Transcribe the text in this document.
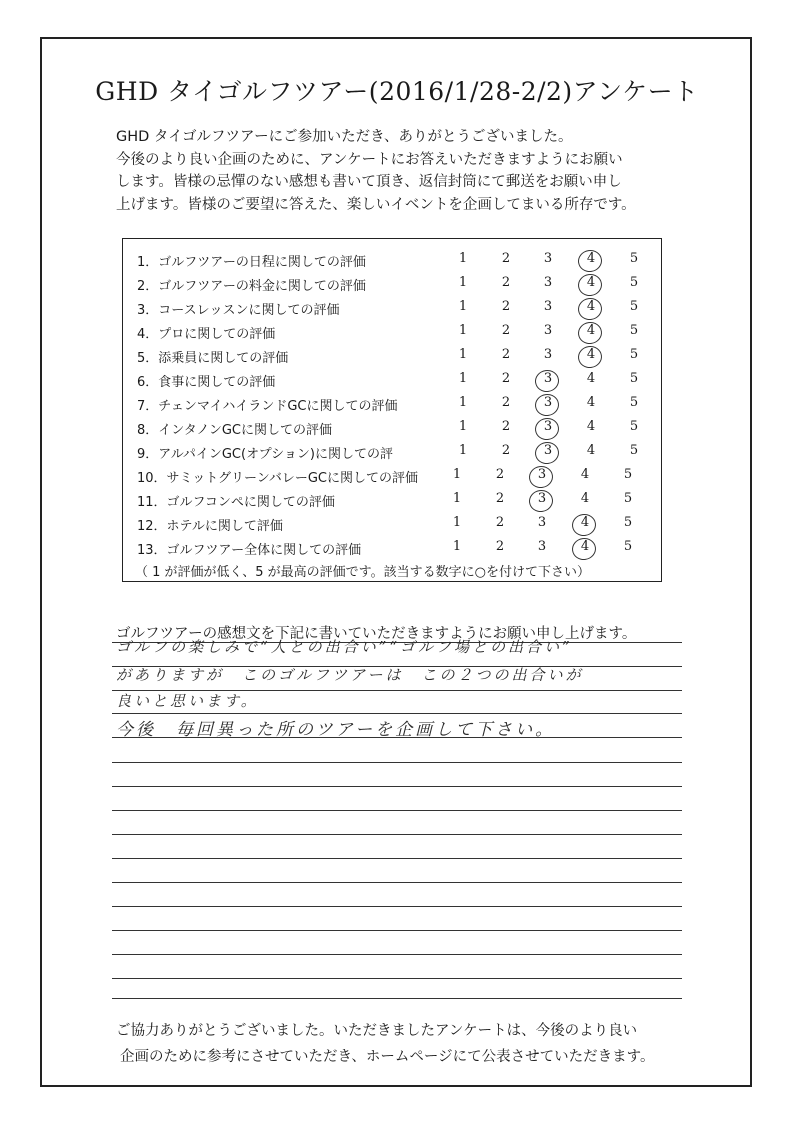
GHD タイゴルフツアー(2016/1/28-2/2)アンケート
GHD タイゴルフツアーにご参加いただき、ありがとうございました。
今後のより良い企画のために、アンケートにお答えいただきますようにお願い
します。皆様の忌憚のない感想も書いて頂き、返信封筒にて郵送をお願い申し
上げます。皆様のご要望に答えた、楽しいイベントを企画してまいる所存です。
（ 1 が評価が低く、5 が最高の評価です。該当する数字に○を付けて下さい）
1．ゴルフツアーの日程に関しての評価	1	2	3	4	5
2．ゴルフツアーの料金に関しての評価	1	2	3	4	5
3．コースレッスンに関しての評価	1	2	3	4	5
4．プロに関しての評価	1	2	3	4	5
5．添乗員に関しての評価	1	2	3	4	5
6．食事に関しての評価	1	2	3	4	5
7．チェンマイハイランドGCに関しての評価	1	2	3	4	5
8．インタノンGCに関しての評価	1	2	3	4	5
9．アルパインGC(オプション)に関しての評	1	2	3	4	5
10．サミットグリーンバレーGCに関しての評価	1	2	3	4	5
11．ゴルフコンペに関しての評価	1	2	3	4	5
12．ホテルに関して評価	1	2	3	4	5
13．ゴルフツアー全体に関しての評価	1	2	3	4	5
ゴルフツアーの感想文を下記に書いていただきますようにお願い申し上げます。
ゴルフの楽しみで“人との出合い”“ゴルフ場との出合い”
がありますが　このゴルフツアーは　この２つの出合いが
良いと思います。
今後　毎回異った所のツアーを企画して下さい。
ご協力ありがとうございました。いただきましたアンケートは、今後のより良い
企画のために参考にさせていただき、ホームページにて公表させていただきます。
